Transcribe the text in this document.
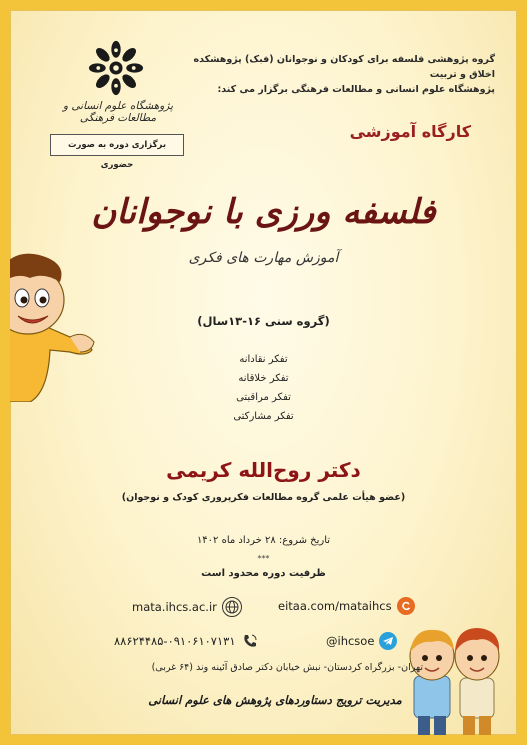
گروه پژوهشی فلسفه برای کودکان و نوجوانان (فبک) پژوهشکده اخلاق و تربیت
پژوهشگاه علوم انسانی و مطالعات فرهنگی برگزار می کند:
پژوهشگاه علوم انسانی و مطالعات فرهنگی
برگزاری دوره به صورت حضوری
کارگاه آموزشی
فلسفه ورزی با نوجوانان
آموزش مهارت های فکری
(گروه سنی ۱۶-۱۳سال)
تفکر نقادانه
تفکر خلاقانه
تفکر مراقبتی
تفکر مشارکتی
دکتر روح‌الله کریمی
(عضو هیأت علمی گروه مطالعات فکرپروری کودک و نوجوان)
تاریخ شروع: ۲۸ خرداد ماه ۱۴۰۲
***
ظرفیت دوره محدود است
mata.ihcs.ac.ir	eitaa.com/mataihcs
۸۸۶۲۴۴۸۵-۰۹۱۰۶۱۰۷۱۳۱	@ihcsoe
تهران- بزرگراه کردستان- نبش خیابان دکتر صادق آئینه وند (۶۴ غربی)
مدیریت ترویج دستاوردهای پژوهش های علوم انسانی
